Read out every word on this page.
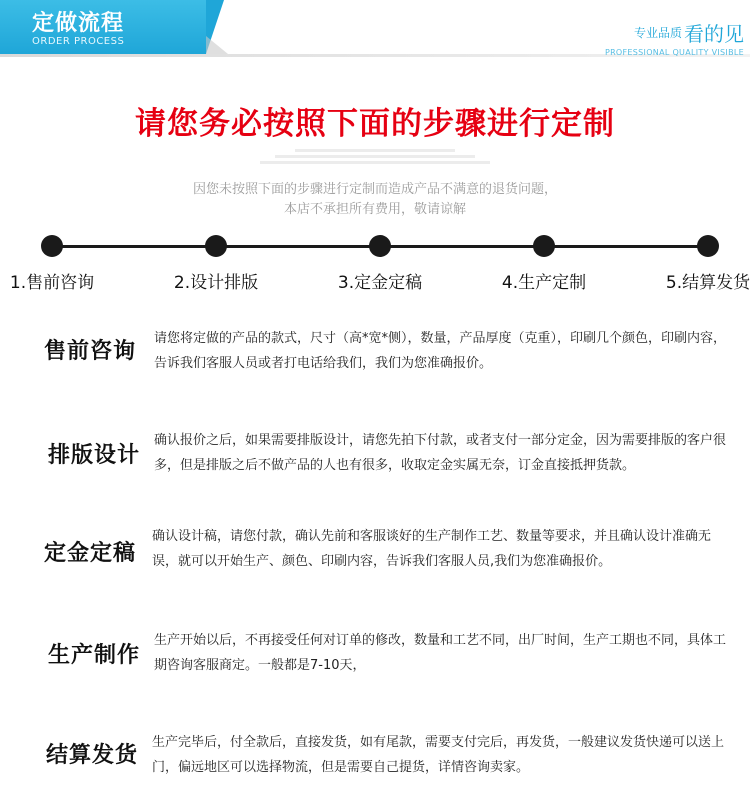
定做流程
ORDER PROCESS
专业品质 看的见
PROFESSIONAL QUALITY VISIBLE
请您务必按照下面的步骤进行定制
因您未按照下面的步骤进行定制而造成产品不满意的退货问题，
本店不承担所有费用，敬请谅解
1.售前咨询	2.设计排版	3.定金定稿	4.生产定制	5.结算发货
售前咨询
请您将定做的产品的款式，尺寸（高*宽*侧），数量，产品厚度（克重），印刷几个颜色，印刷内容，告诉我们客服人员或者打电话给我们，我们为您准确报价。
排版设计
确认报价之后，如果需要排版设计，请您先拍下付款，或者支付一部分定金，因为需要排版的客户很多，但是排版之后不做产品的人也有很多，收取定金实属无奈，订金直接抵押货款。
定金定稿
确认设计稿，请您付款，确认先前和客服谈好的生产制作工艺、数量等要求，并且确认设计准确无误，就可以开始生产、颜色、印刷内容，告诉我们客服人员,我们为您准确报价。
生产制作
生产开始以后，不再接受任何对订单的修改，数量和工艺不同，出厂时间，生产工期也不同，具体工期咨询客服商定。一般都是7-10天，
结算发货
生产完毕后，付全款后，直接发货，如有尾款，需要支付完后，再发货，一般建议发货快递可以送上门，偏远地区可以选择物流，但是需要自己提货，详情咨询卖家。
